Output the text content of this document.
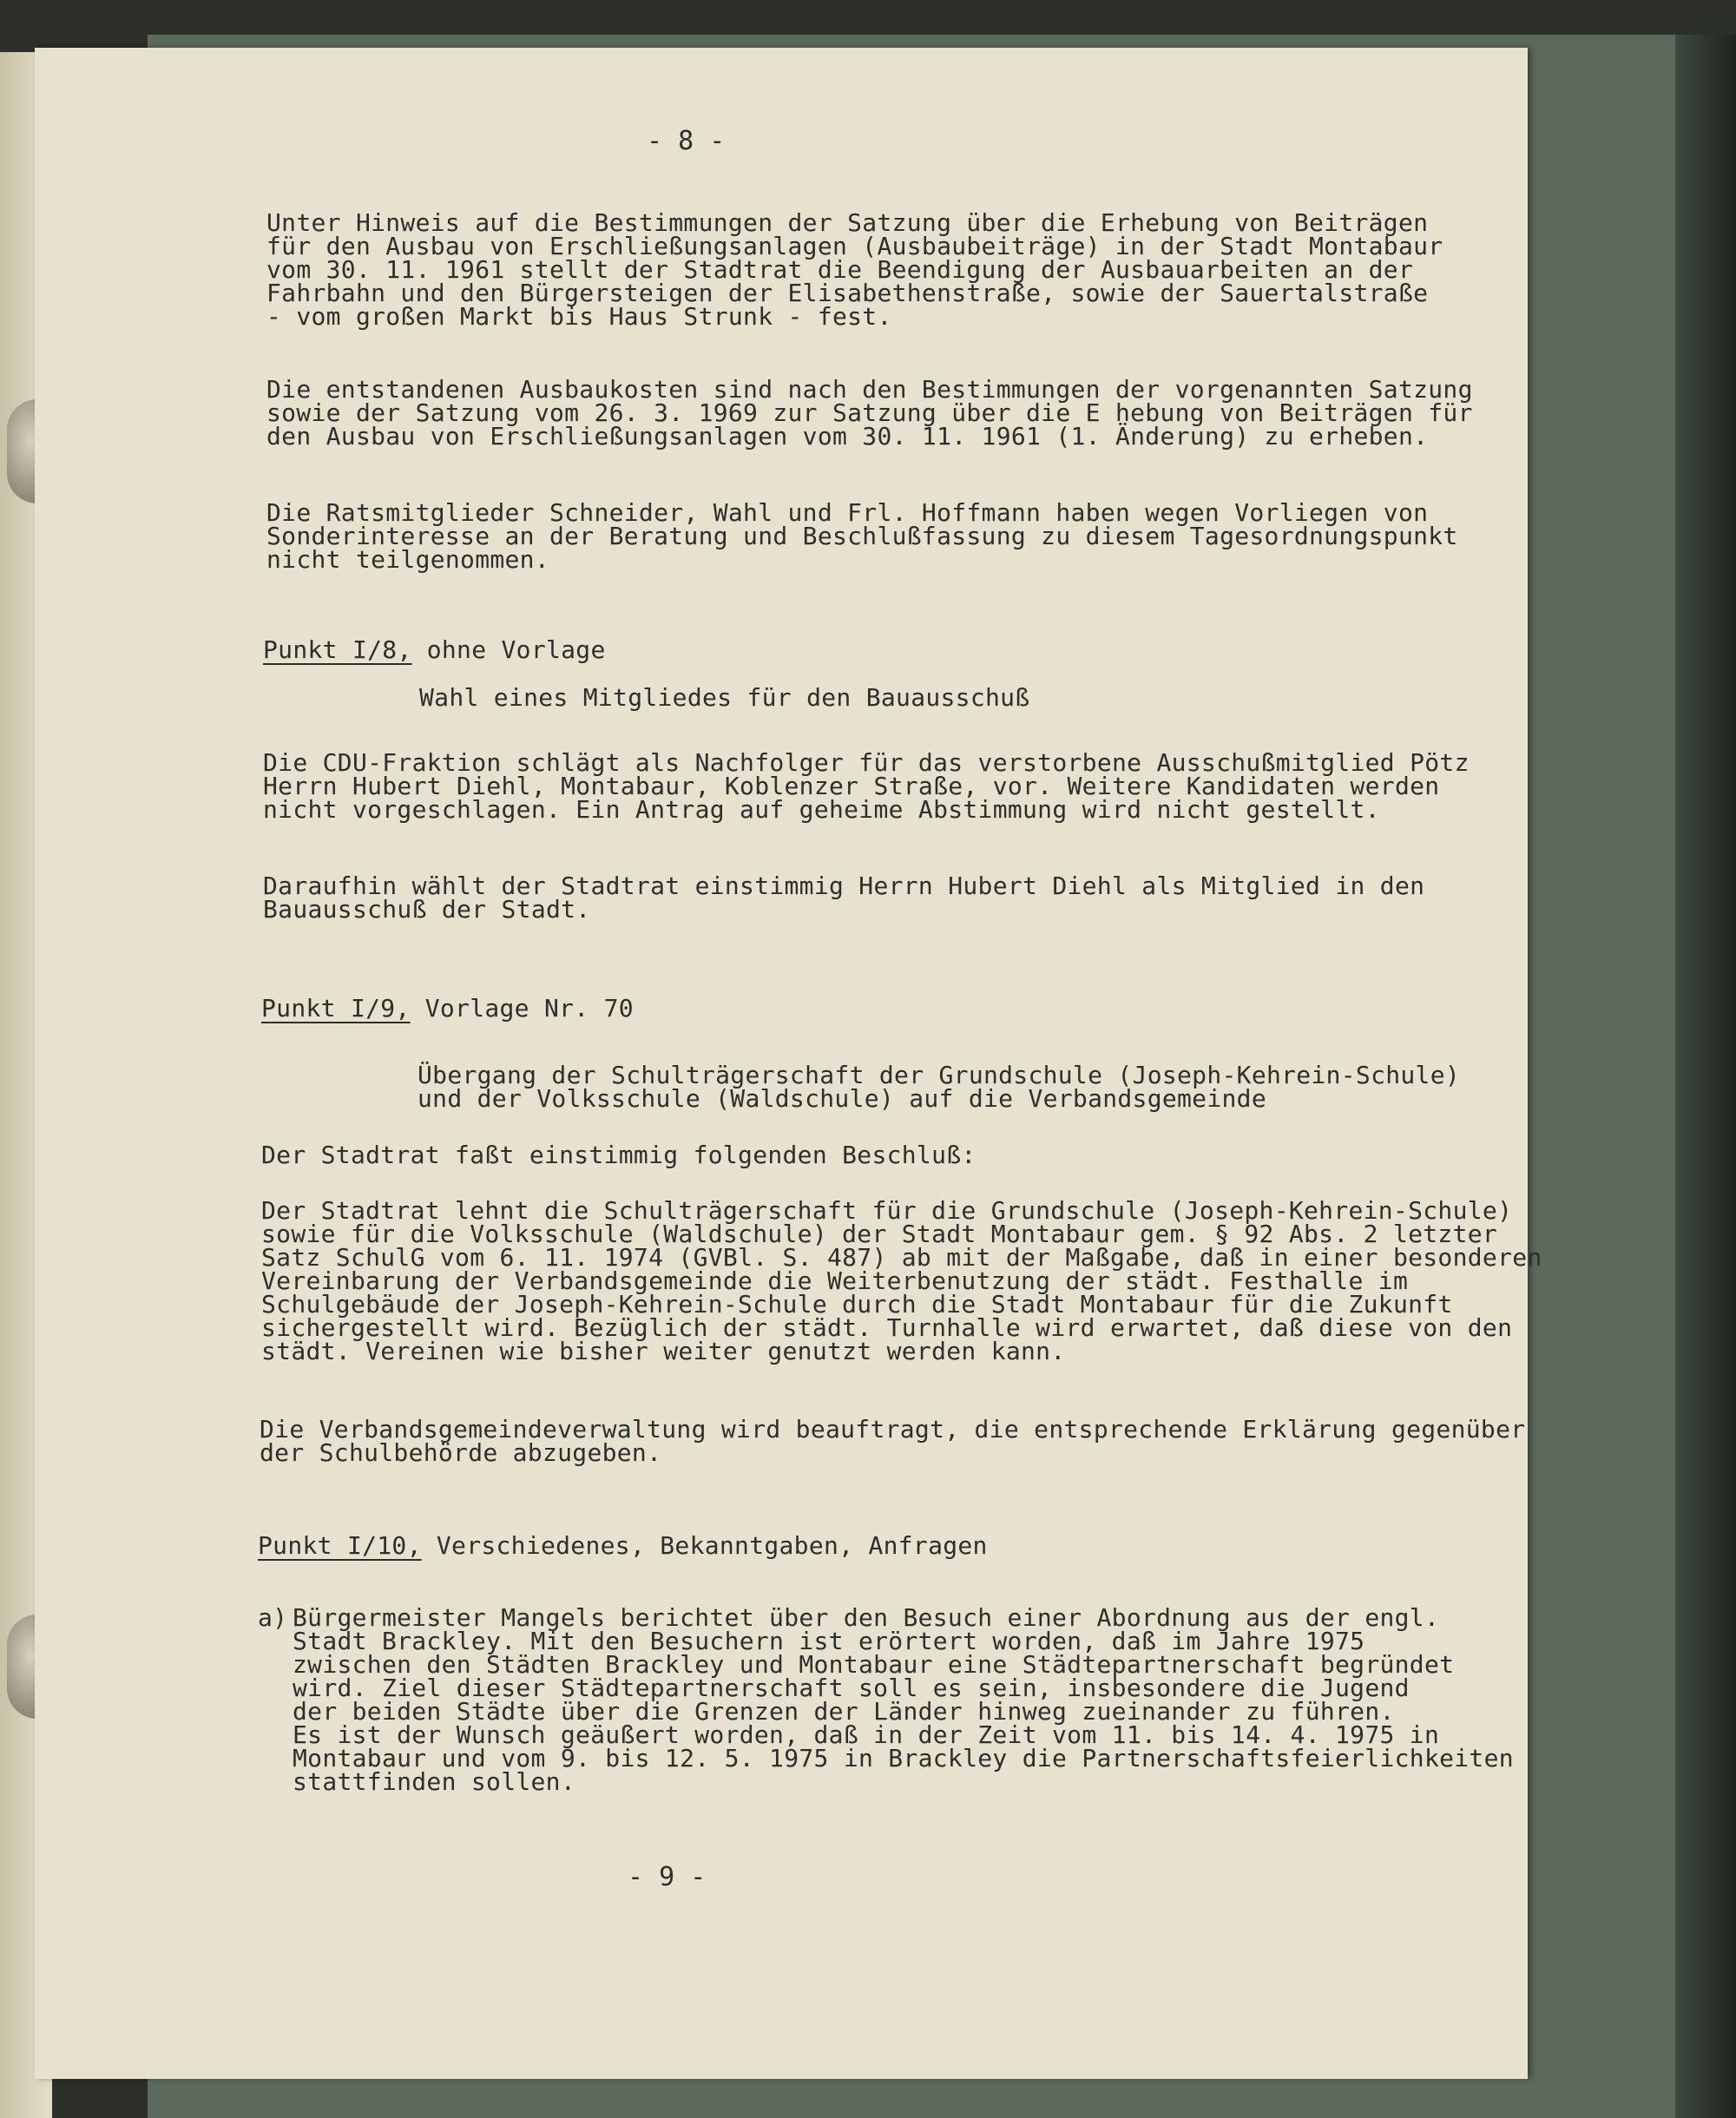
- 8 -
Unter Hinweis auf die Bestimmungen der Satzung über die Erhebung von Beiträgen
für den Ausbau von Erschließungsanlagen (Ausbaubeiträge) in der Stadt Montabaur
vom 30. 11. 1961 stellt der Stadtrat die Beendigung der Ausbauarbeiten an der
Fahrbahn und den Bürgersteigen der Elisabethenstraße, sowie der Sauertalstraße
- vom großen Markt bis Haus Strunk - fest.
Die entstandenen Ausbaukosten sind nach den Bestimmungen der vorgenannten Satzung
sowie der Satzung vom 26. 3. 1969 zur Satzung über die E hebung von Beiträgen für
den Ausbau von Erschließungsanlagen vom 30. 11. 1961 (1. Änderung) zu erheben.
Die Ratsmitglieder Schneider, Wahl und Frl. Hoffmann haben wegen Vorliegen von
Sonderinteresse an der Beratung und Beschlußfassung zu diesem Tagesordnungspunkt
nicht teilgenommen.
Punkt I/8, ohne Vorlage
Wahl eines Mitgliedes für den Bauausschuß
Die CDU-Fraktion schlägt als Nachfolger für das verstorbene Ausschußmitglied Pötz
Herrn Hubert Diehl, Montabaur, Koblenzer Straße, vor. Weitere Kandidaten werden
nicht vorgeschlagen. Ein Antrag auf geheime Abstimmung wird nicht gestellt.
Daraufhin wählt der Stadtrat einstimmig Herrn Hubert Diehl als Mitglied in den
Bauausschuß der Stadt.
Punkt I/9, Vorlage Nr. 70
Übergang der Schulträgerschaft der Grundschule (Joseph-Kehrein-Schule)
und der Volksschule (Waldschule) auf die Verbandsgemeinde
Der Stadtrat faßt einstimmig folgenden Beschluß:
Der Stadtrat lehnt die Schulträgerschaft für die Grundschule (Joseph-Kehrein-Schule)
sowie für die Volksschule (Waldschule) der Stadt Montabaur gem. § 92 Abs. 2 letzter
Satz SchulG vom 6. 11. 1974 (GVBl. S. 487) ab mit der Maßgabe, daß in einer besonderen
Vereinbarung der Verbandsgemeinde die Weiterbenutzung der städt. Festhalle im
Schulgebäude der Joseph-Kehrein-Schule durch die Stadt Montabaur für die Zukunft
sichergestellt wird. Bezüglich der städt. Turnhalle wird erwartet, daß diese von den
städt. Vereinen wie bisher weiter genutzt werden kann.
Die Verbandsgemeindeverwaltung wird beauftragt, die entsprechende Erklärung gegenüber
der Schulbehörde abzugeben.
Punkt I/10, Verschiedenes, Bekanntgaben, Anfragen
a) Bürgermeister Mangels berichtet über den Besuch einer Abordnung aus der engl.
Stadt Brackley. Mit den Besuchern ist erörtert worden, daß im Jahre 1975
zwischen den Städten Brackley und Montabaur eine Städtepartnerschaft begründet
wird. Ziel dieser Städtepartnerschaft soll es sein, insbesondere die Jugend
der beiden Städte über die Grenzen der Länder hinweg zueinander zu führen.
Es ist der Wunsch geäußert worden, daß in der Zeit vom 11. bis 14. 4. 1975 in
Montabaur und vom 9. bis 12. 5. 1975 in Brackley die Partnerschaftsfeierlichkeiten
stattfinden sollen.
- 9 -
